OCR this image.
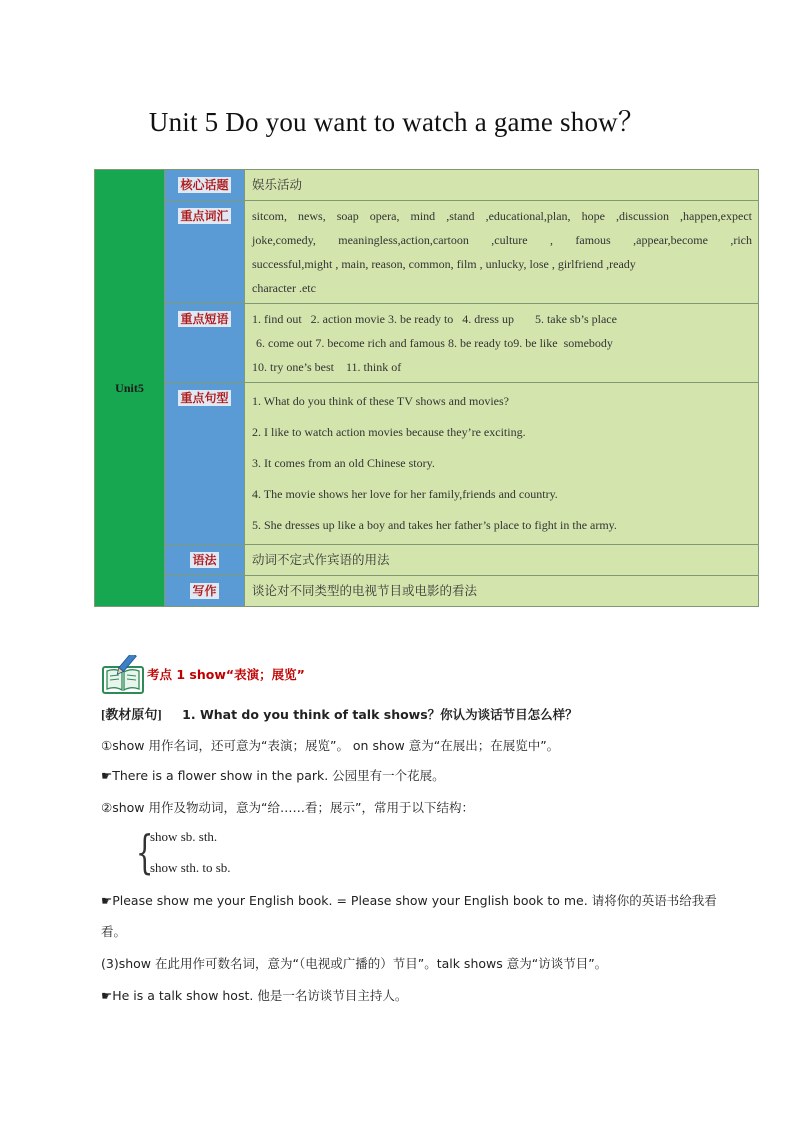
Unit 5 Do you want to watch a game show？
Unit5	核心话题	娱乐活动
	重点词汇	sitcom, news, soap opera, mind ,stand ,educational,plan, hope ,discussion ,happen,expect
joke,comedy, meaningless,action,cartoon ,culture , famous ,appear,become ,rich
successful,might , main, reason, common, film , unlucky, lose , girlfriend ,ready
character .etc

	重点短语	1. find out   2. action movie 3. be ready to   4. dress up       5. take sb’s place
6. come out 7. become rich and famous 8. be ready to9. be like  somebody
10. try one’s best    11. think of

	重点句型	1. What do you think of these TV shows and movies?
2. I like to watch action movies because they’re exciting.
3. It comes from an old Chinese story.
4. The movie shows her love for her family,friends and country.
5. She dresses up like a boy and takes her father’s place to fight in the army.

	语法	动词不定式作宾语的用法
	写作	谈论对不同类型的电视节目或电影的看法
考点 1 show“表演；展览”
[教材原句] 1. What do you think of talk shows？你认为谈话节目怎么样？
①show 用作名词，还可意为“表演；展览”。 on show 意为“在展出；在展览中”。
☛There is a flower show in the park. 公园里有一个花展。
②show 用作及物动词，意为“给……看；展示”，常用于以下结构：
{
show sb. sth.
show sth. to sb.
☛Please show me your English book. = Please show your English book to me. 请将你的英语书给我看
看。
(3)show 在此用作可数名词，意为“（电视或广播的）节目”。talk shows 意为“访谈节目”。
☛He is a talk show host. 他是一名访谈节目主持人。
